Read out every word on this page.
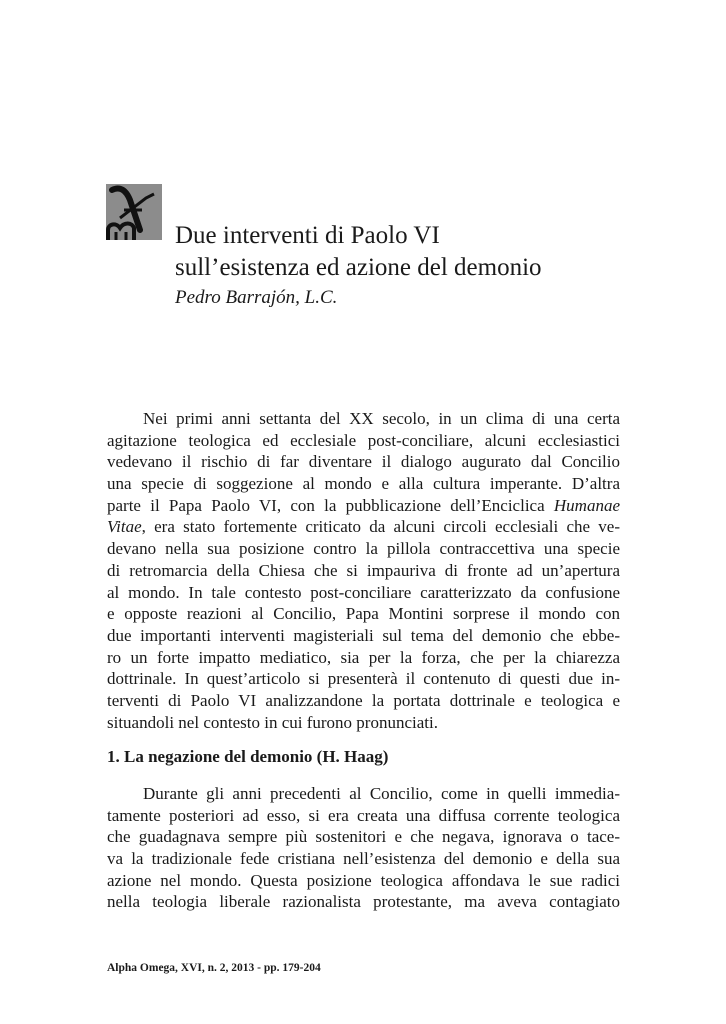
Due interventi di Paolo VI
sull’esistenza ed azione del demonio
Pedro Barrajón, L.C.
Nei primi anni settanta del XX secolo, in un clima di una certa
agitazione teologica ed ecclesiale post-conciliare, alcuni ecclesiastici
vedevano il rischio di far diventare il dialogo augurato dal Concilio
una specie di soggezione al mondo e alla cultura imperante. D’altra
parte il Papa Paolo VI, con la pubblicazione dell’Enciclica Humanae
Vitae, era stato fortemente criticato da alcuni circoli ecclesiali che ve-
devano nella sua posizione contro la pillola contraccettiva una specie
di retromarcia della Chiesa che si impauriva di fronte ad un’apertura
al mondo. In tale contesto post-conciliare caratterizzato da confusione
e opposte reazioni al Concilio, Papa Montini sorprese il mondo con
due importanti interventi magisteriali sul tema del demonio che ebbe-
ro un forte impatto mediatico, sia per la forza, che per la chiarezza
dottrinale. In quest’articolo si presenterà il contenuto di questi due in-
terventi di Paolo VI analizzandone la portata dottrinale e teologica e
situandoli nel contesto in cui furono pronunciati.
1. La negazione del demonio (H. Haag)
Durante gli anni precedenti al Concilio, come in quelli immedia-
tamente posteriori ad esso, si era creata una diffusa corrente teologica
che guadagnava sempre più sostenitori e che negava, ignorava o tace-
va la tradizionale fede cristiana nell’esistenza del demonio e della sua
azione nel mondo. Questa posizione teologica affondava le sue radici
nella teologia liberale razionalista protestante, ma aveva contagiato
Alpha Omega, XVI, n. 2, 2013 - pp. 179-204
